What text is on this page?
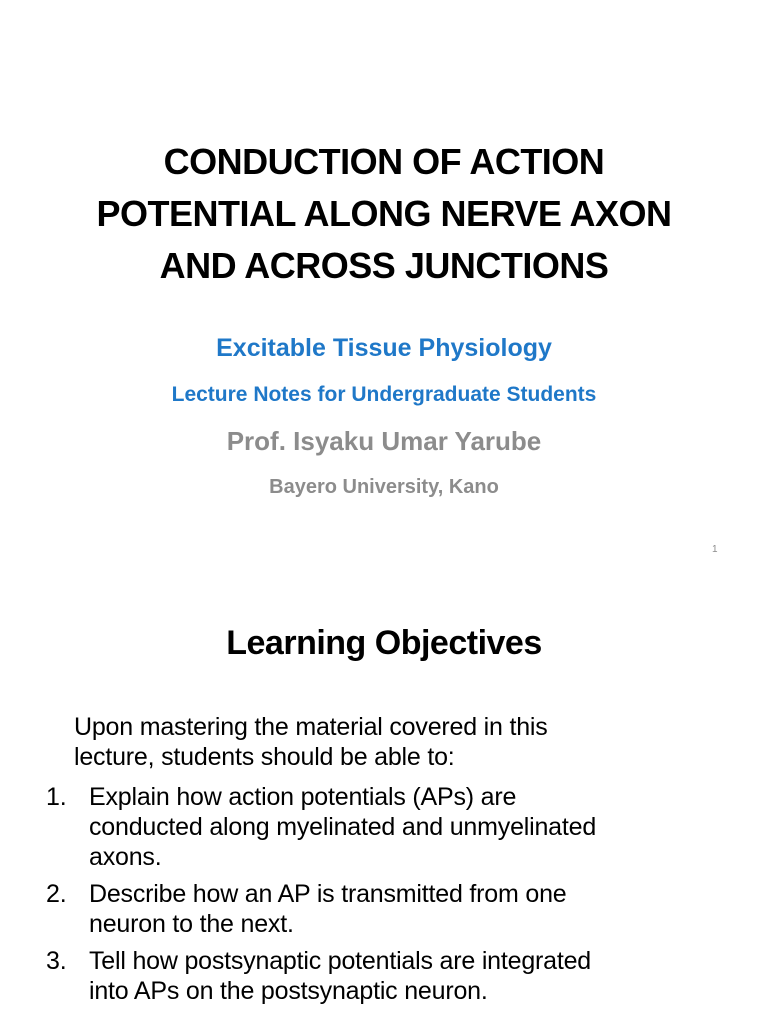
CONDUCTION OF ACTION
POTENTIAL ALONG NERVE AXON
AND ACROSS JUNCTIONS
Excitable Tissue Physiology
Lecture Notes for Undergraduate Students
Prof. Isyaku Umar Yarube
Bayero University, Kano
1
Learning Objectives

Upon mastering the material covered in this
lecture, students should be able to:

1. Explain how action potentials (APs) are
conducted along myelinated and unmyelinated
axons.
2. Describe how an AP is transmitted from one
neuron to the next.
3. Tell how postsynaptic potentials are integrated
into APs on the postsynaptic neuron.
